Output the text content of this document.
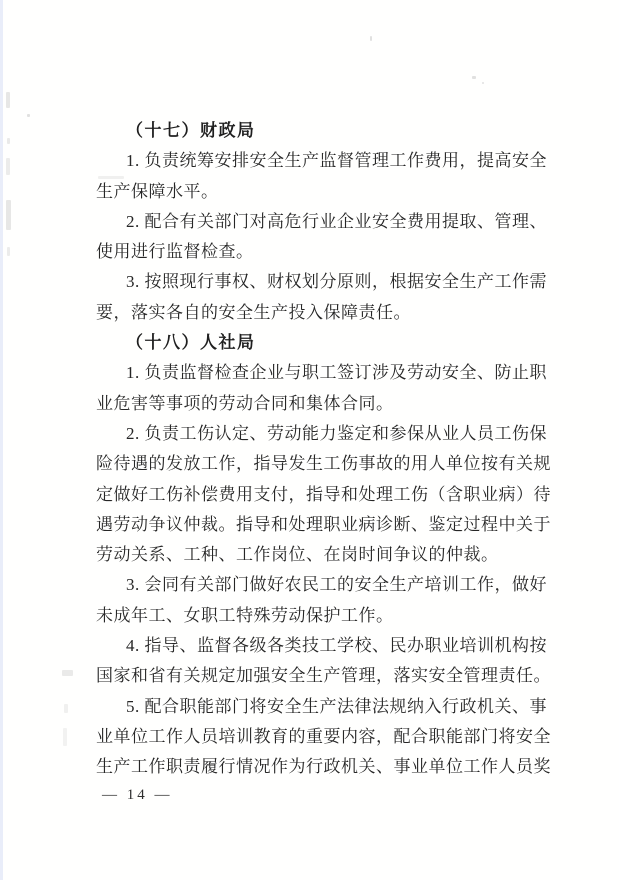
（十七）财政局
1. 负责统筹安排安全生产监督管理工作费用，提高安全
生产保障水平。
2. 配合有关部门对高危行业企业安全费用提取、管理、
使用进行监督检查。
3. 按照现行事权、财权划分原则，根据安全生产工作需
要，落实各自的安全生产投入保障责任。
（十八）人社局
1. 负责监督检查企业与职工签订涉及劳动安全、防止职
业危害等事项的劳动合同和集体合同。
2. 负责工伤认定、劳动能力鉴定和参保从业人员工伤保
险待遇的发放工作，指导发生工伤事故的用人单位按有关规
定做好工伤补偿费用支付，指导和处理工伤（含职业病）待
遇劳动争议仲裁。指导和处理职业病诊断、鉴定过程中关于
劳动关系、工种、工作岗位、在岗时间争议的仲裁。
3. 会同有关部门做好农民工的安全生产培训工作，做好
未成年工、女职工特殊劳动保护工作。
4. 指导、监督各级各类技工学校、民办职业培训机构按
国家和省有关规定加强安全生产管理，落实安全管理责任。
5. 配合职能部门将安全生产法律法规纳入行政机关、事
业单位工作人员培训教育的重要内容，配合职能部门将安全
生产工作职责履行情况作为行政机关、事业单位工作人员奖
— 14 —
